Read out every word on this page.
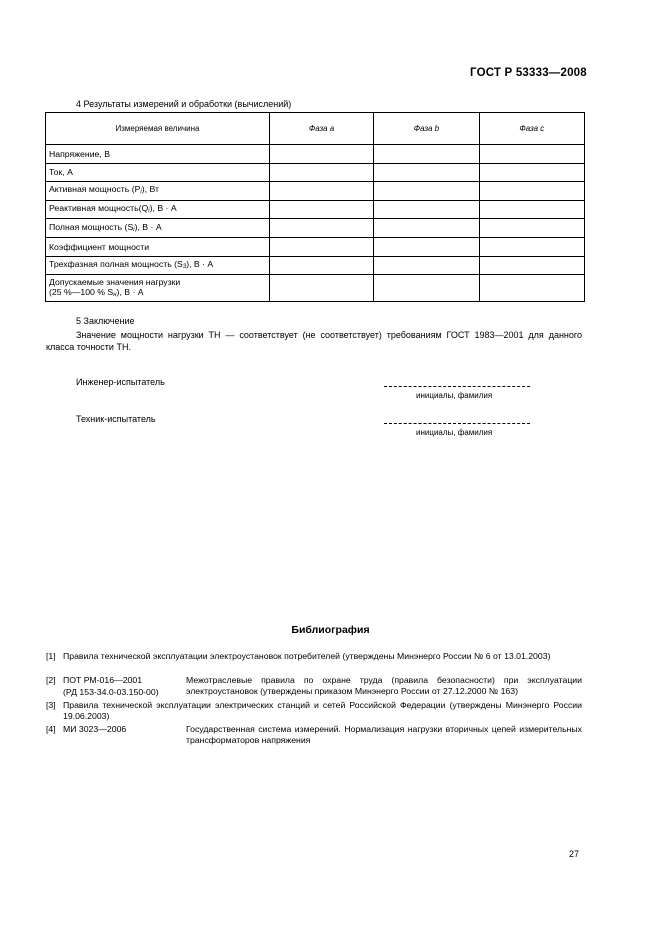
ГОСТ Р 53333—2008
4 Результаты измерений и обработки (вычислений)
Измеряемая величина	Фаза a	Фаза b	Фаза c
Напряжение, В			
Ток, А			
Активная мощность $(P_i)$, Вт			
Реактивная $мощность(Q_i)$, В · А			
Полная мощность $(S_i)$, В · А			
Коэффициент мощности			
Трехфазная полная мощность $(S_3)$, В · А			
Допускаемые значения нагрузки
(25 %—100 % $S_н$), В · А			
5 Заключение
Значение мощности нагрузки ТН — соответствует (не соответствует) требованиям ГОСТ 1983—2001 для данного класса точности ТН.
Инженер-испытатель
инициалы, фамилия
Техник-испытатель
инициалы, фамилия
Библиография
[1] Правила технической эксплуатации электроустановок потребителей (утверждены Минэнерго России № 6 от 13.01.2003)
[2] ПОТ РМ-016—2001
(РД 153-34.0-03.150-00)
Межотраслевые правила по охране труда (правила безопасности) при эксплуатации электроустановок (утверждены приказом Минэнерго России от 27.12.2000 № 163)
[3] Правила технической эксплуатации электрических станций и сетей Российской Федерации (утверждены Минэнерго России 19.06.2003)
[4] МИ 3023—2006	Государственная система измерений. Нормализация нагрузки вторичных цепей измерительных трансформаторов напряжения
27
